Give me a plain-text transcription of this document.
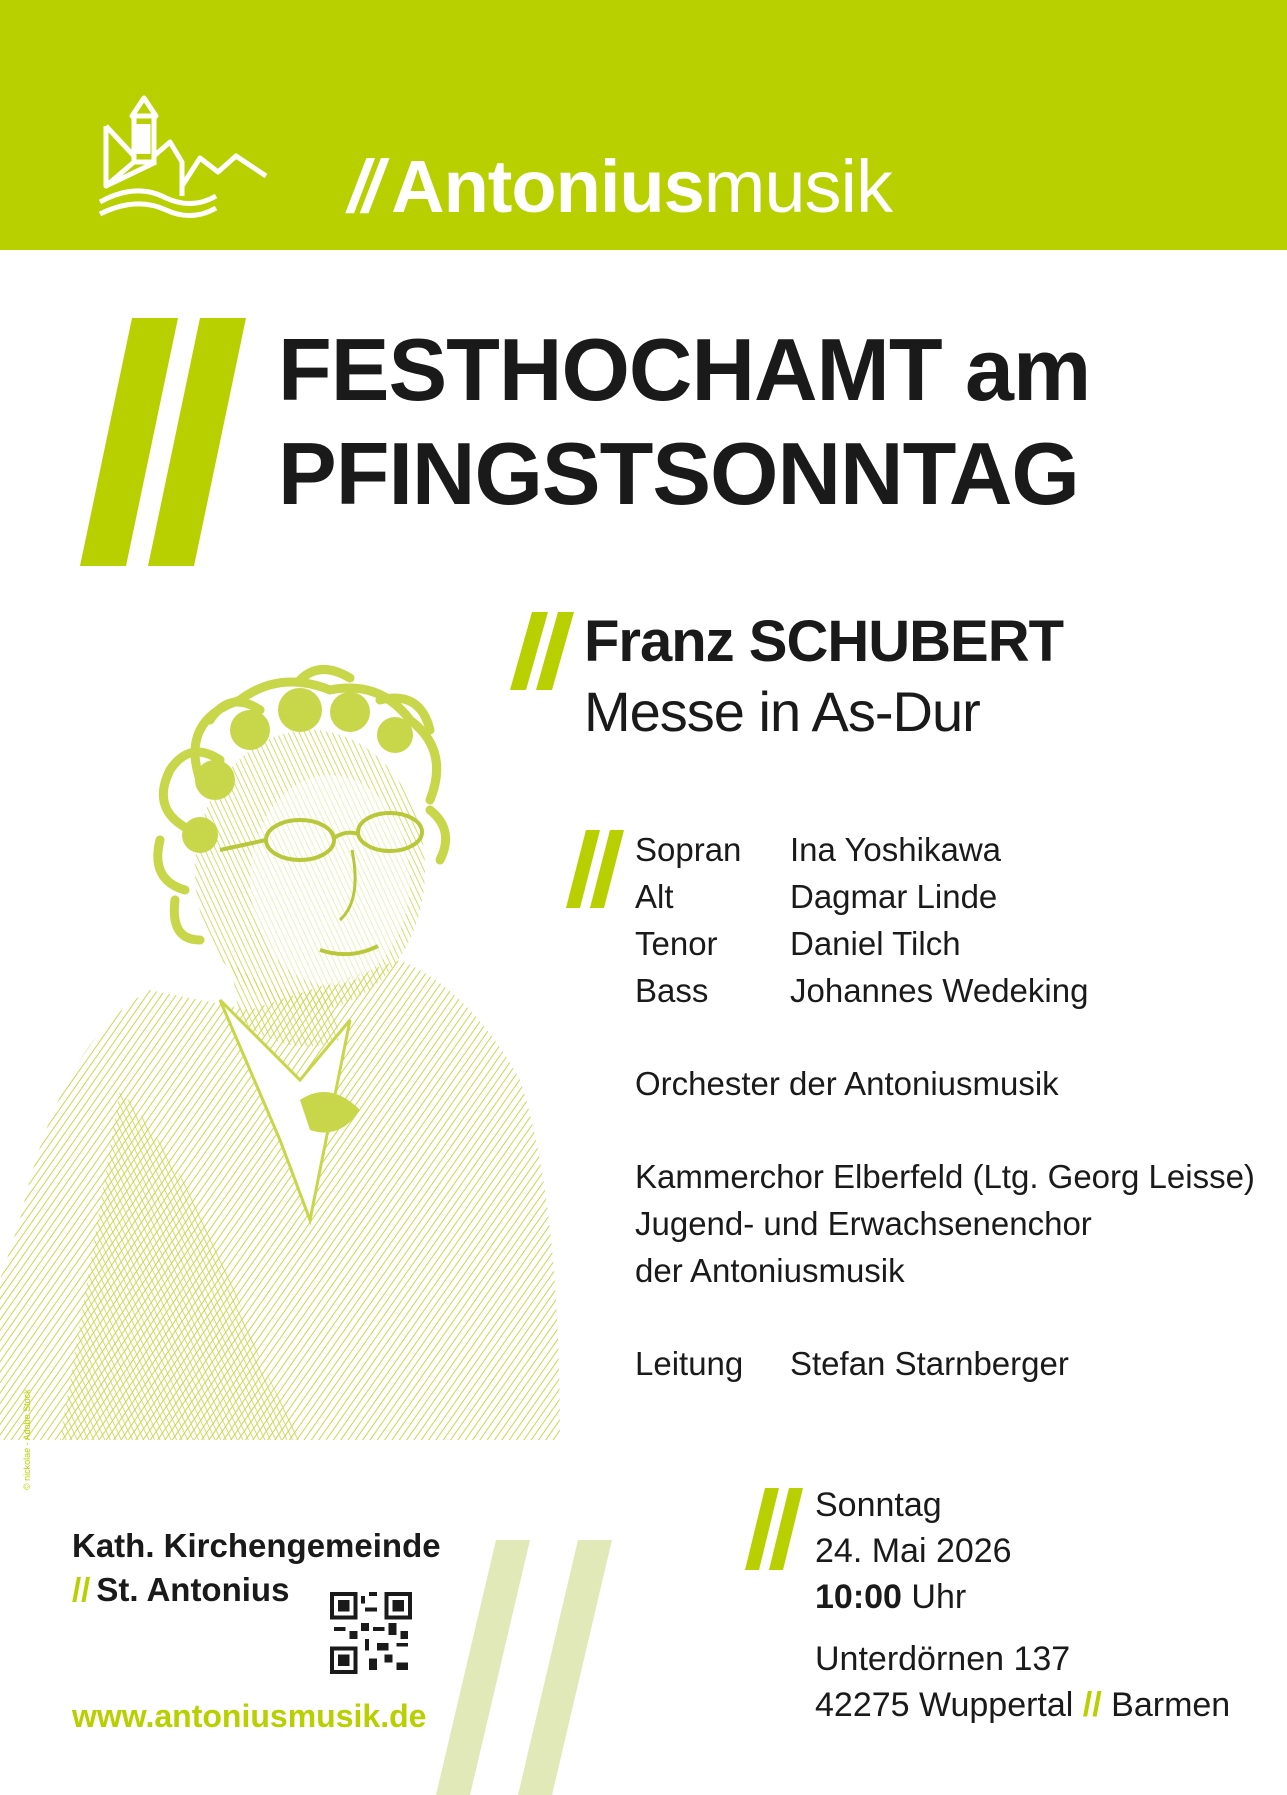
// Antoniusmusik
FESTHOCHAMT am
PFINGSTSONNTAG
© nickolae - Adobe Stock
Franz SCHUBERT
Messe in As-Dur
Sopran	Ina Yoshikawa
Alt	Dagmar Linde
Tenor	Daniel Tilch
Bass	Johannes Wedeking
Orchester der Antoniusmusik
Kammerchor Elberfeld (Ltg. Georg Leisse)
Jugend- und Erwachsenenchor
der Antoniusmusik
Leitung	Stefan Starnberger
Kath. Kirchengemeinde
// St. Antonius
www.antoniusmusik.de
Sonntag
24. Mai 2026
10:00 Uhr
Unterdörnen 137
42275 Wuppertal // Barmen
